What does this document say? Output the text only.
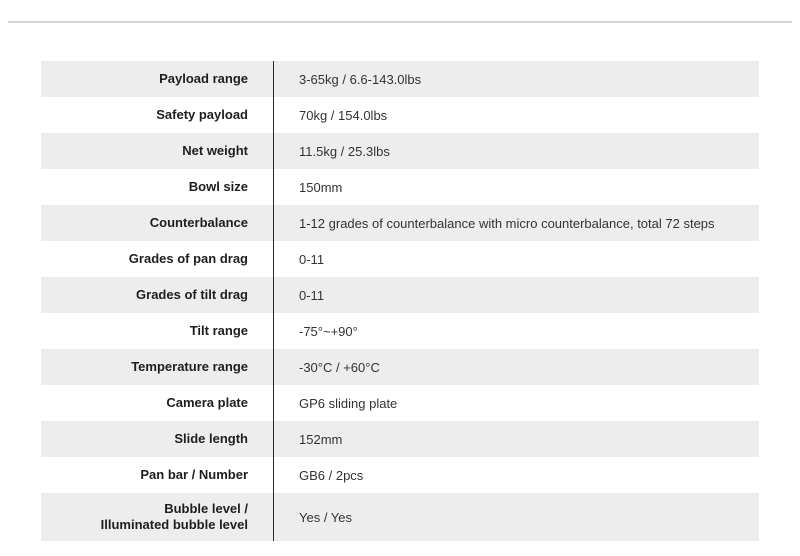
Payload range	3-65kg / 6.6-143.0lbs
Safety payload	70kg / 154.0lbs
Net weight	11.5kg / 25.3lbs
Bowl size	150mm
Counterbalance	1-12 grades of counterbalance with micro counterbalance, total 72 steps
Grades of pan drag	0-11
Grades of tilt drag	0-11
Tilt range	-75°~+90°
Temperature range	-30°C / +60°C
Camera plate	GP6 sliding plate
Slide length	152mm
Pan bar / Number	GB6 / 2pcs
Bubble level /
Illuminated bubble level	Yes / Yes
